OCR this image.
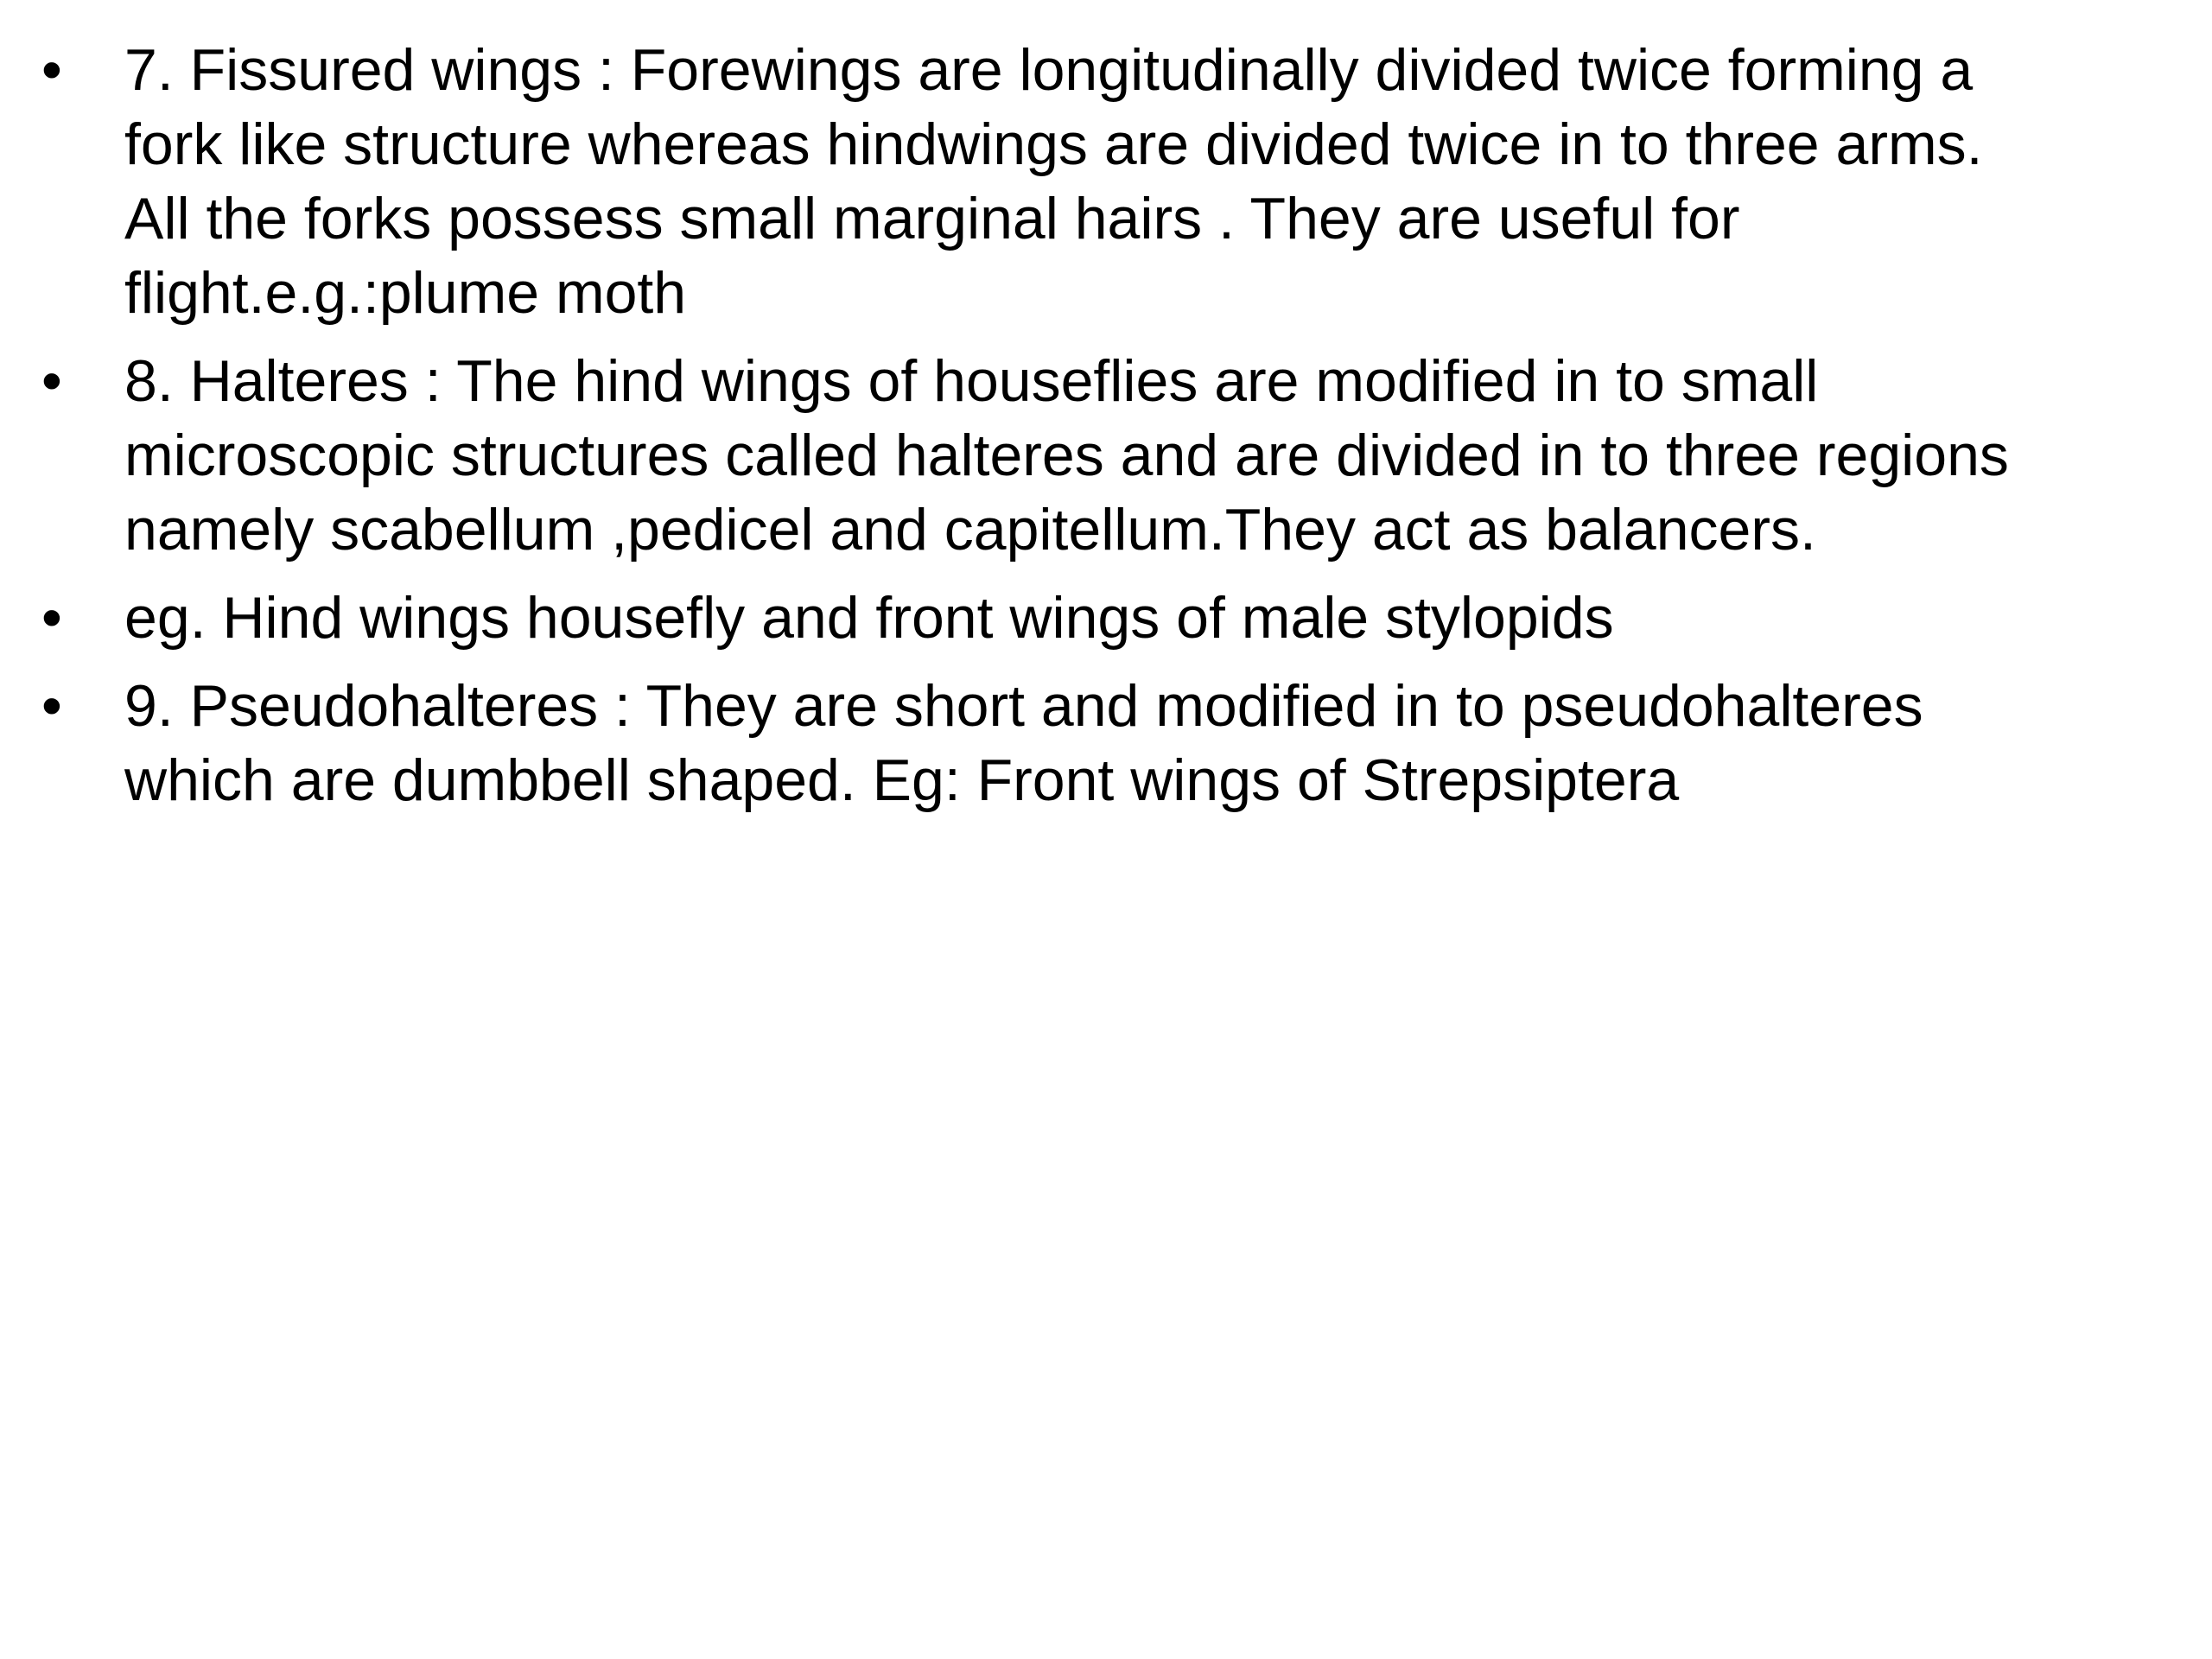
• 7. Fissured wings : Forewings are longitudinally divided twice forming a
fork like structure whereas hindwings are divided twice in to three arms.
All the forks possess small marginal hairs . They are useful for
flight.e.g.:plume moth
• 8. Halteres : The hind wings of houseflies are modified in to small
microscopic structures called halteres and are divided in to three regions
namely scabellum ,pedicel and capitellum.They act as balancers.
• eg. Hind wings housefly and front wings of male stylopids
• 9. Pseudohalteres : They are short and modified in to pseudohalteres
which are dumbbell shaped. Eg: Front wings of Strepsiptera
